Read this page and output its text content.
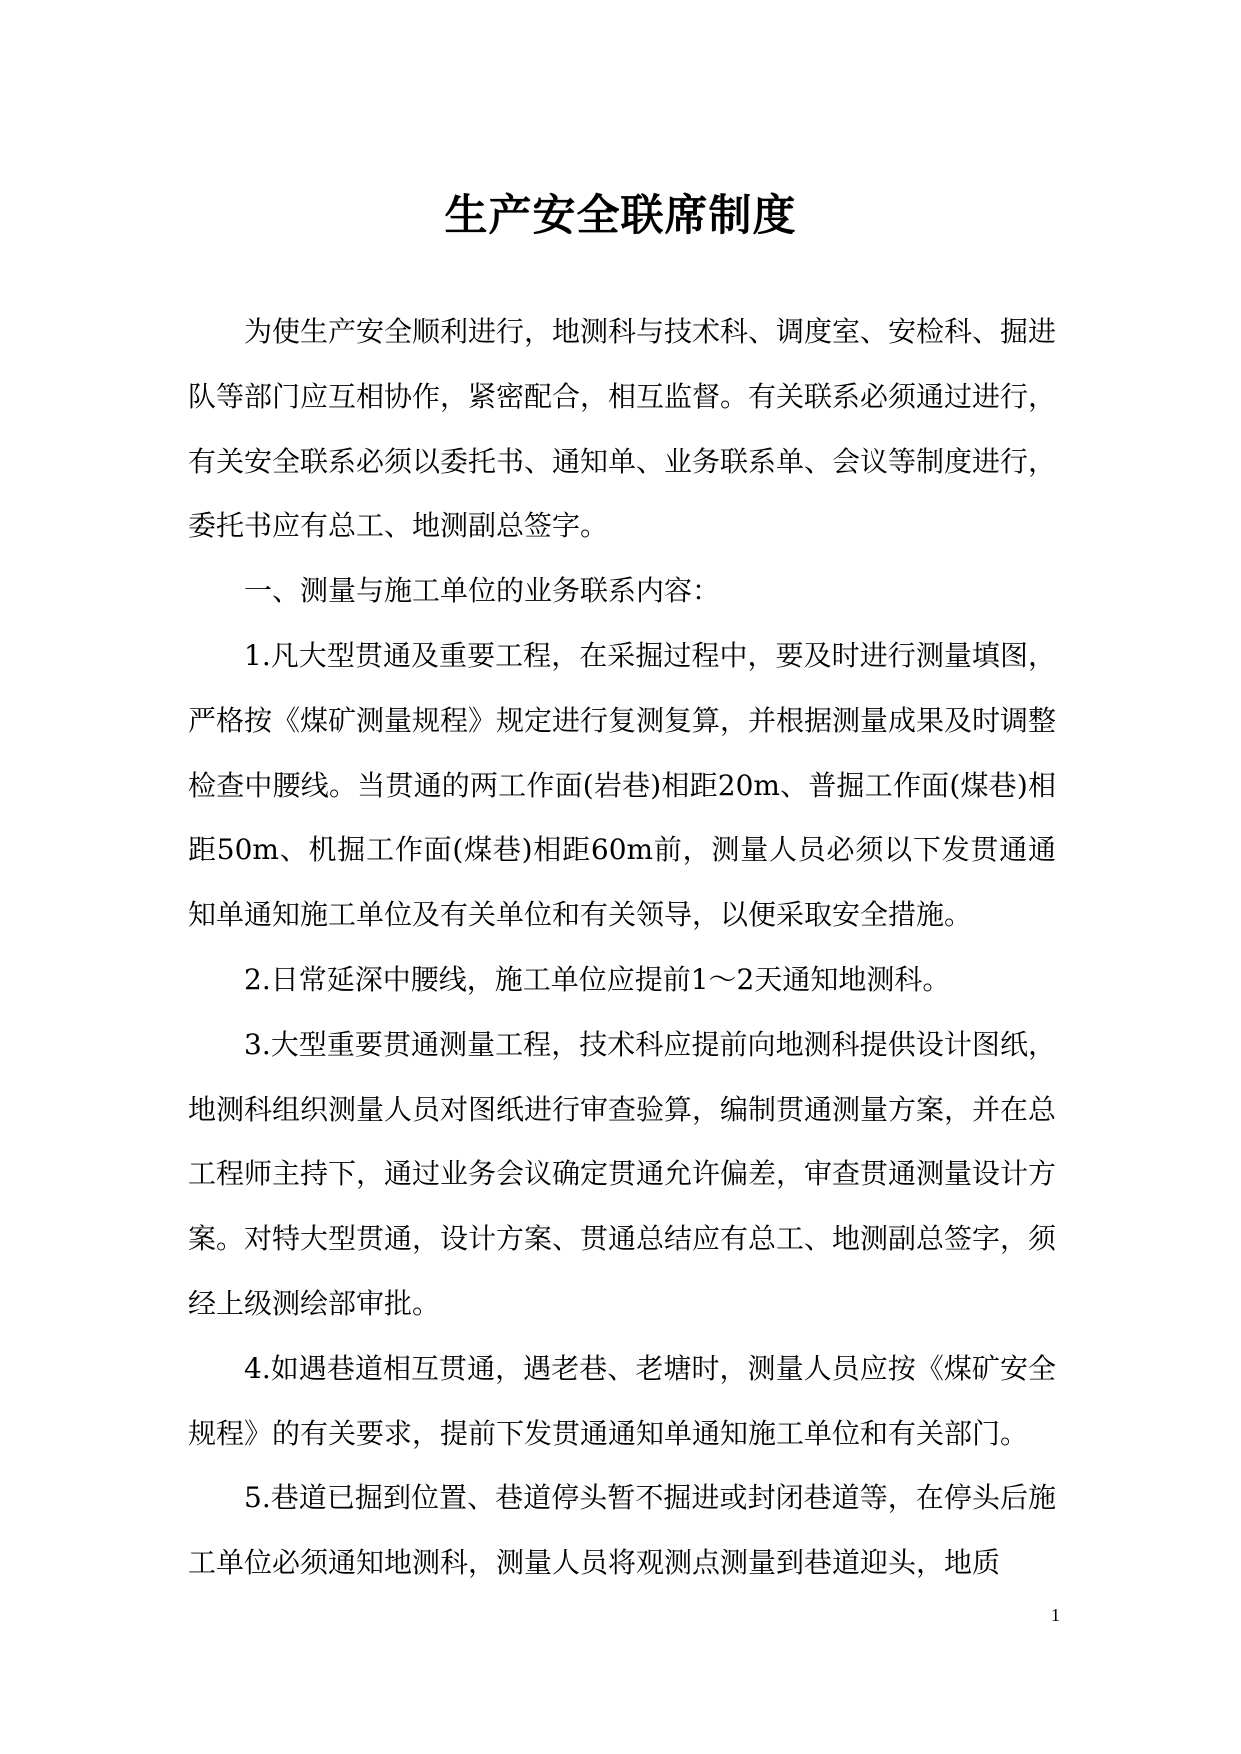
生产安全联席制度

为使生产安全顺利进行，地测科与技术科、调度室、安检科、掘进队等部门应互相协作，紧密配合，相互监督。有关联系必须通过进行，有关安全联系必须以委托书、通知单、业务联系单、会议等制度进行，委托书应有总工、地测副总签字。

一、测量与施工单位的业务联系内容：

1.凡大型贯通及重要工程，在采掘过程中，要及时进行测量填图，严格按《煤矿测量规程》规定进行复测复算，并根据测量成果及时调整检查中腰线。当贯通的两工作面(岩巷)相距20m、普掘工作面(煤巷)相距50m、机掘工作面(煤巷)相距60m前，测量人员必须以下发贯通通知单通知施工单位及有关单位和有关领导，以便采取安全措施。

2.日常延深中腰线，施工单位应提前1～2天通知地测科。

3.大型重要贯通测量工程，技术科应提前向地测科提供设计图纸，地测科组织测量人员对图纸进行审查验算，编制贯通测量方案，并在总工程师主持下，通过业务会议确定贯通允许偏差，审查贯通测量设计方案。对特大型贯通，设计方案、贯通总结应有总工、地测副总签字，须经上级测绘部审批。

4.如遇巷道相互贯通，遇老巷、老塘时，测量人员应按《煤矿安全规程》的有关要求，提前下发贯通通知单通知施工单位和有关部门。

5.巷道已掘到位置、巷道停头暂不掘进或封闭巷道等，在停头后施工单位必须通知地测科，测量人员将观测点测量到巷道迎头，地质

1
